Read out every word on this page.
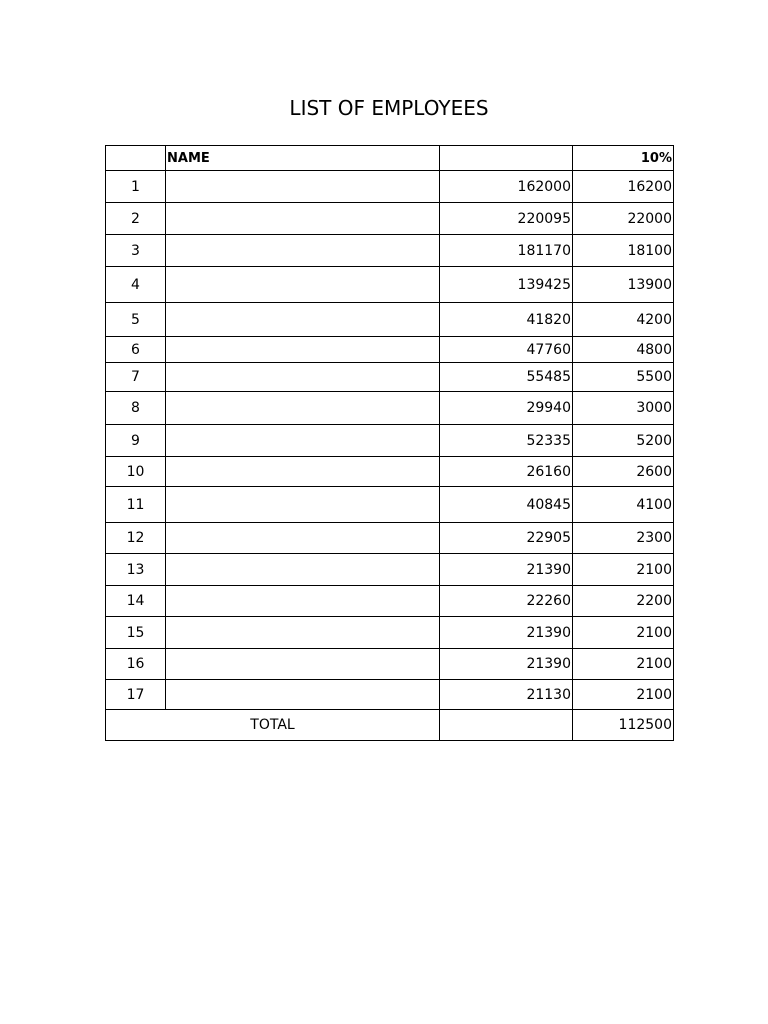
LIST OF EMPLOYEES
	NAME		10%
1		162000	16200
2		220095	22000
3		181170	18100
4		139425	13900
5		41820	4200
6		47760	4800
7		55485	5500
8		29940	3000
9		52335	5200
10		26160	2600
11		40845	4100
12		22905	2300
13		21390	2100
14		22260	2200
15		21390	2100
16		21390	2100
17		21130	2100
TOTAL			112500
